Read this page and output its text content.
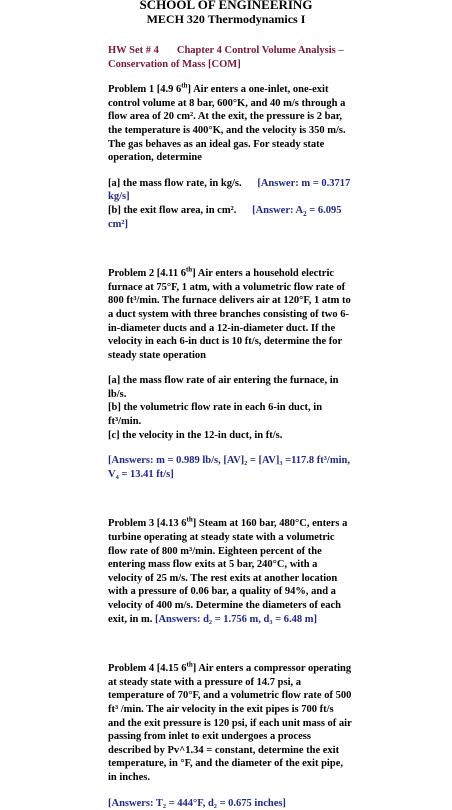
SCHOOL OF ENGINEERING
MECH 320 Thermodynamics I
HW Set # 4 Chapter 4 Control Volume Analysis –
Conservation of Mass [COM]

Problem 1 [4.9 6th] Air enters a one-inlet, one-exit control volume at 8 bar, 600°K, and 40 m/s through a flow area of 20 cm². At the exit, the pressure is 2 bar, the temperature is 400°K, and the velocity is 350 m/s. The gas behaves as an ideal gas. For steady state operation, determine

[a] the mass flow rate, in kg/s. [Answer: m = 0.3717 kg/s]

[b] the exit flow area, in cm². [Answer: $A_2 = 6.095$ cm²]

Problem 2 [4.11 6th] Air enters a household electric furnace at 75°F, 1 atm, with a volumetric flow rate of 800 ft³/min. The furnace delivers air at 120°F, 1 atm to a duct system with three branches consisting of two 6-in-diameter ducts and a 12-in-diameter duct. If the velocity in each 6-in duct is 10 ft/s, determine the for steady state operation

[a] the mass flow rate of air entering the furnace, in lb/s.

[b] the volumetric flow rate in each 6-in duct, in ft³/min.

[c] the velocity in the 12-in duct, in ft/s.

[Answers: m = 0.989 lb/s, [AV]₂ = [AV]₃ =117.8 ft³/min,

V₄ = 13.41 ft/s]

Problem 3 [4.13 6th] Steam at 160 bar, 480°C, enters a turbine operating at steady state with a volumetric flow rate of 800 m³/min. Eighteen percent of the entering mass flow exits at 5 bar, 240°C, with a velocity of 25 m/s. The rest exits at another location with a pressure of 0.06 bar, a quality of 94%, and a velocity of 400 m/s. Determine the diameters of each exit, in m. [Answers: d₂ = 1.756 m, d₃ = 6.48 m]

Problem 4 [4.15 6th] Air enters a compressor operating at steady state with a pressure of 14.7 psi, a temperature of 70°F, and a volumetric flow rate of 500 ft³ /min. The air velocity in the exit pipes is 700 ft/s and the exit pressure is 120 psi, if each unit mass of air passing from inlet to exit undergoes a process described by Pv^1.34 = constant, determine the exit temperature, in °F, and the diameter of the exit pipe, in inches.

[Answers: T₂ = 444°F, d₂ = 0.675 inches]
